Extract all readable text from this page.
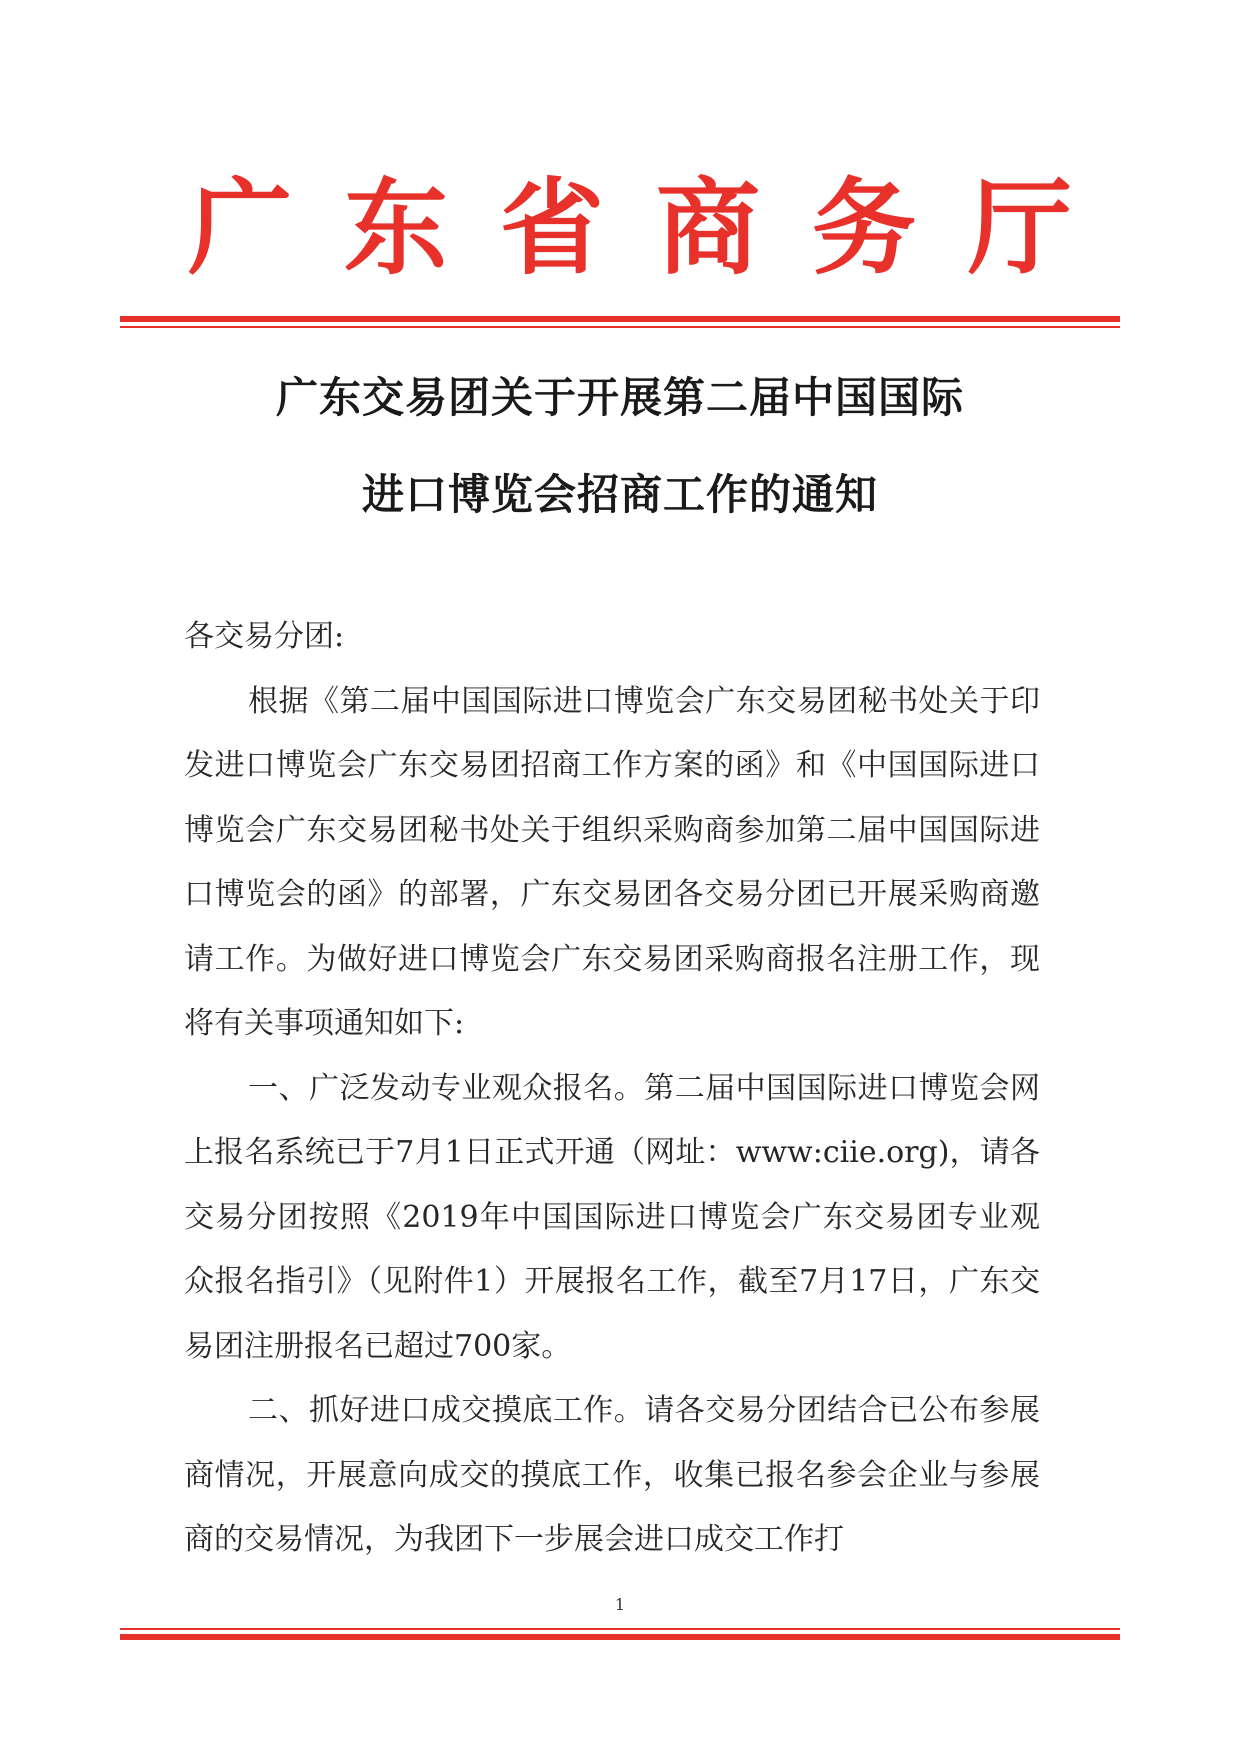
广 东 省 商 务 厅
广东交易团关于开展第二届中国国际
进口博览会招商工作的通知

各交易分团:

根据《第二届中国国际进口博览会广东交易团秘书处关于印发进口博览会广东交易团招商工作方案的函》和《中国国际进口博览会广东交易团秘书处关于组织采购商参加第二届中国国际进口博览会的函》的部署，广东交易团各交易分团已开展采购商邀请工作。为做好进口博览会广东交易团采购商报名注册工作，现将有关事项通知如下:

一、广泛发动专业观众报名。第二届中国国际进口博览会网上报名系统已于7月1日正式开通（网址：www:ciie.org)，请各交易分团按照《2019年中国国际进口博览会广东交易团专业观众报名指引》（见附件1）开展报名工作，截至7月17日，广东交易团注册报名已超过700家。

二、抓好进口成交摸底工作。请各交易分团结合已公布参展商情况，开展意向成交的摸底工作，收集已报名参会企业与参展商的交易情况，为我团下一步展会进口成交工作打

1
